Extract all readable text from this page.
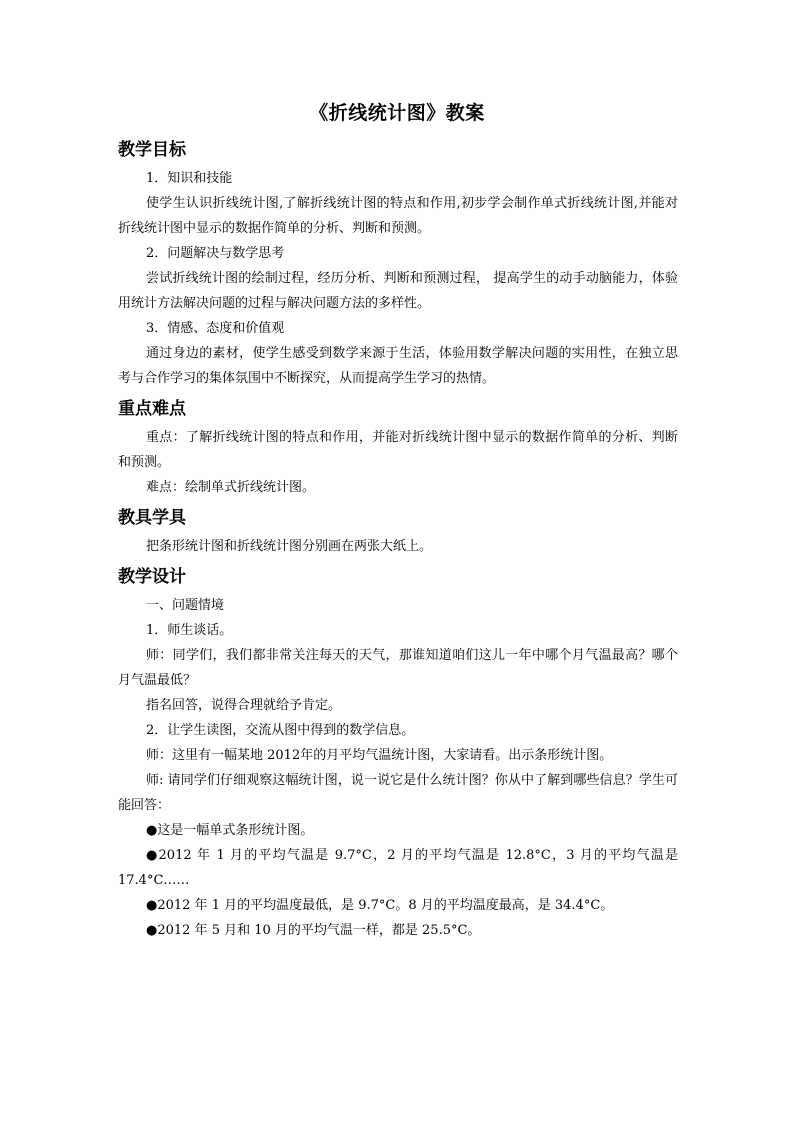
《折线统计图》教案
教学目标

1．知识和技能

使学生认识折线统计图,了解折线统计图的特点和作用,初步学会制作单式折线统计图,并能对折线统计图中显示的数据作简单的分析、判断和预测。

2．问题解决与数学思考

尝试折线统计图的绘制过程，经历分析、判断和预测过程， 提高学生的动手动脑能力，体验用统计方法解决问题的过程与解决问题方法的多样性。

3．情感、态度和价值观

通过身边的素材，使学生感受到数学来源于生活，体验用数学解决问题的实用性，在独立思考与合作学习的集体氛围中不断探究，从而提高学生学习的热情。

重点难点

重点：了解折线统计图的特点和作用，并能对折线统计图中显示的数据作简单的分析、判断和预测。

难点：绘制单式折线统计图。

教具学具

把条形统计图和折线统计图分别画在两张大纸上。

教学设计

一、问题情境

1．师生谈话。

师：同学们，我们都非常关注每天的天气，那谁知道咱们这儿一年中哪个月气温最高？哪个月气温最低？

指名回答，说得合理就给予肯定。

2．让学生读图，交流从图中得到的数学信息。

师：这里有一幅某地 2012年的月平均气温统计图，大家请看。出示条形统计图。

师: 请同学们仔细观察这幅统计图，说一说它是什么统计图？你从中了解到哪些信息？学生可能回答：

●这是一幅单式条形统计图。

●2012 年 1 月的平均气温是 9.7°C，2 月的平均气温是 12.8°C，3 月的平均气温是 17.4°C……

●2012 年 1 月的平均温度最低，是 9.7°C。8 月的平均温度最高，是 34.4°C。

●2012 年 5 月和 10 月的平均气温一样，都是 25.5°C。
